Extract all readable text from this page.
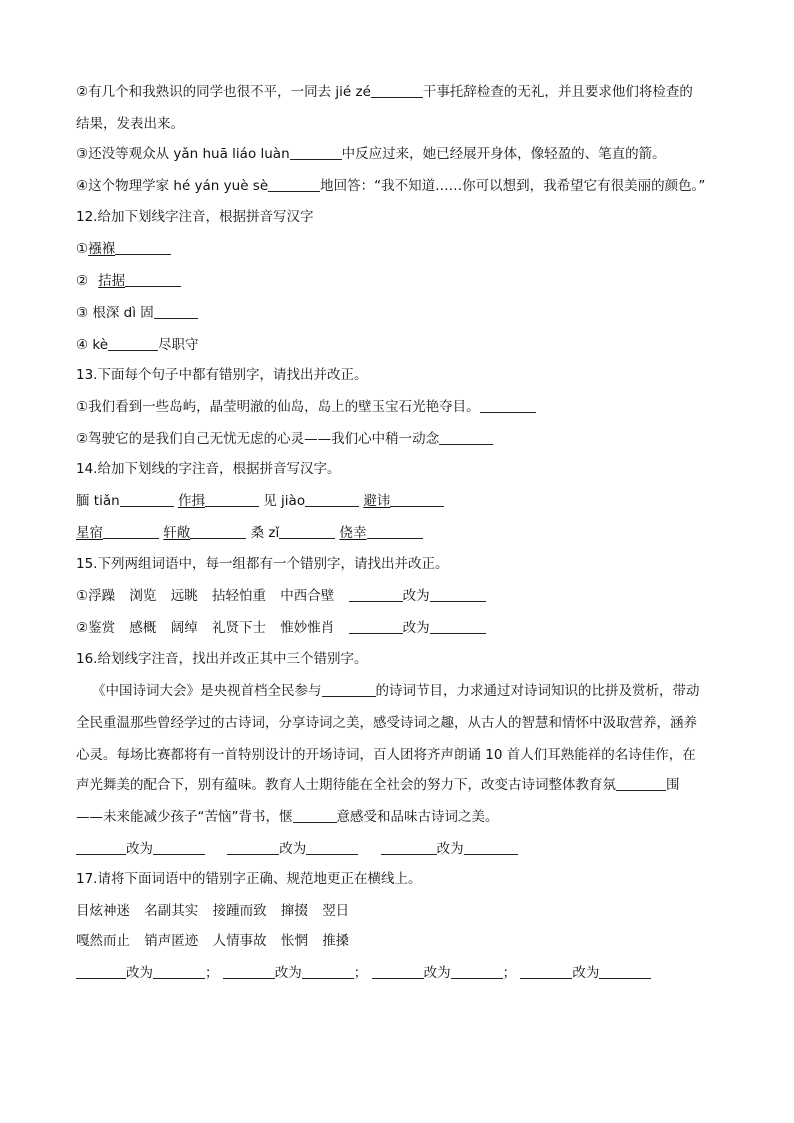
②有几个和我熟识的同学也很不平，一同去 jié zé	干事托辞检查的无礼，并且要求他们将检查的
结果，发表出来。
③还没等观众从 yǎn huā liáo luàn	中反应过来，她已经展开身体，像轻盈的、笔直的箭。
④这个物理学家 hé yán yuè sè	地回答：“我不知道……你可以想到，我希望它有很美丽的颜色。”
12.给加下划线字注音，根据拼音写汉字
①襁褓
② 拮据
③ 根深 dì 固
④ kè	尽职守
13.下面每个句子中都有错别字，请找出并改正。
①我们看到一些岛屿，晶莹明澈的仙岛，岛上的壁玉宝石光艳夺目。
②驾驶它的是我们自己无忧无虑的心灵——我们心中稍一动念
14.给加下划线的字注音，根据拼音写汉字。
腼 tiǎn	作揖	见 jiào	避讳
星宿	轩敞	桑 zǐ	侥幸
15.下列两组词语中，每一组都有一个错别字，请找出并改正。
①浮躁 浏览 远眺 拈轻怕重 中西合壁	改为
②鉴赏 感概 阔绰 礼贤下士 惟妙惟肖	改为
16.给划线字注音，找出并改正其中三个错别字。
《中国诗词大会》是央视首档全民参与	的诗词节目，力求通过对诗词知识的比拼及赏析，带动
全民重温那些曾经学过的古诗词，分享诗词之美，感受诗词之趣，从古人的智慧和情怀中汲取营养，涵养
心灵。每场比赛都将有一首特别设计的开场诗词，百人团将齐声朗诵 10 首人们耳熟能祥的名诗佳作，在
声光舞美的配合下，别有蕴味。教育人士期待能在全社会的努力下，改变古诗词整体教育氛	围
——未来能减少孩子“苦恼”背书，惬	意感受和品味古诗词之美。
改为	改为	改为
17.请将下面词语中的错别字正确、规范地更正在横线上。
目炫神迷 名副其实 接踵而致 撺掇 翌日
嘎然而止 销声匿迹 人情事故 怅惘 推搡
改为	；	改为	；	改为	；	改为
